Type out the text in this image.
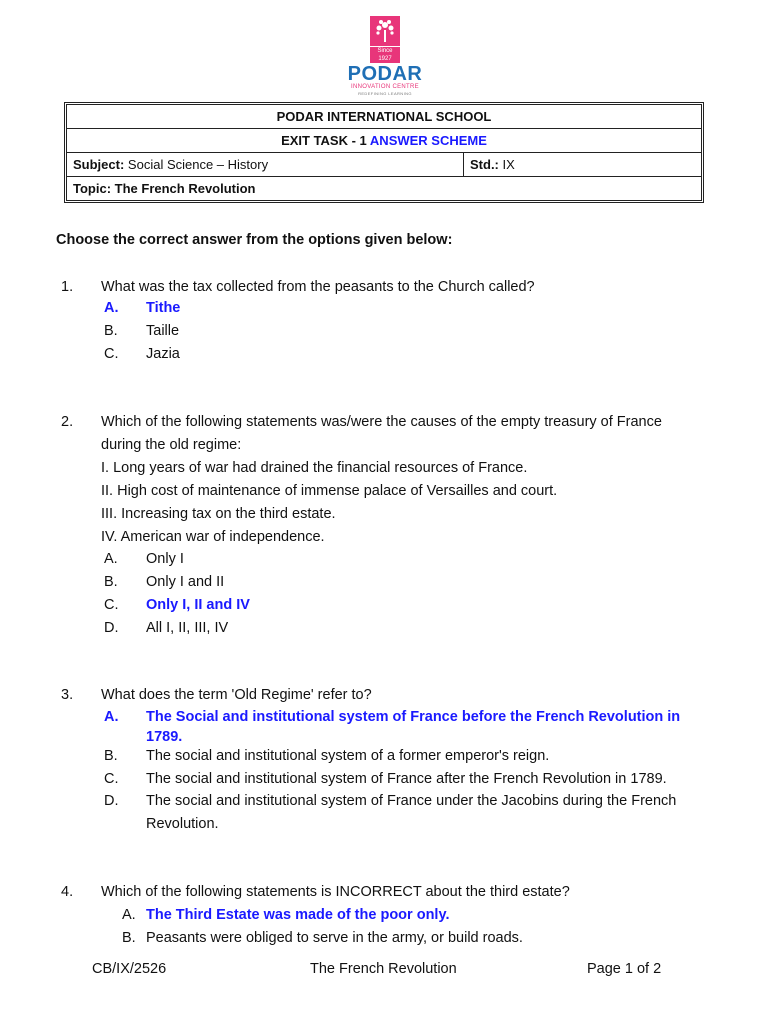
Since 1927
PODAR
INNOVATION CENTRE
REDEFINING LEARNING
PODAR INTERNATIONAL SCHOOL
EXIT TASK - 1 ANSWER SCHEME
Subject: Social Science – History	Std.: IX
Topic: The French Revolution
Choose the correct answer from the options given below:
1. What was the tax collected from the peasants to the Church called?
A. Tithe
B. Taille
C. Jazia
2. Which of the following statements was/were the causes of the empty treasury of France
during the old regime:
I. Long years of war had drained the financial resources of France.
II. High cost of maintenance of immense palace of Versailles and court.
III. Increasing tax on the third estate.
IV. American war of independence.
A. Only I
B. Only I and II
C. Only I, II and IV
D. All I, II, III, IV
3. What does the term 'Old Regime' refer to?
A. The Social and institutional system of France before the French Revolution in
1789.
B. The social and institutional system of a former emperor's reign.
C. The social and institutional system of France after the French Revolution in 1789.
D. The social and institutional system of France under the Jacobins during the French
Revolution.
4. Which of the following statements is INCORRECT about the third estate?
A. The Third Estate was made of the poor only.
B. Peasants were obliged to serve in the army, or build roads.
CB/IX/2526	The French Revolution	Page 1 of 2
